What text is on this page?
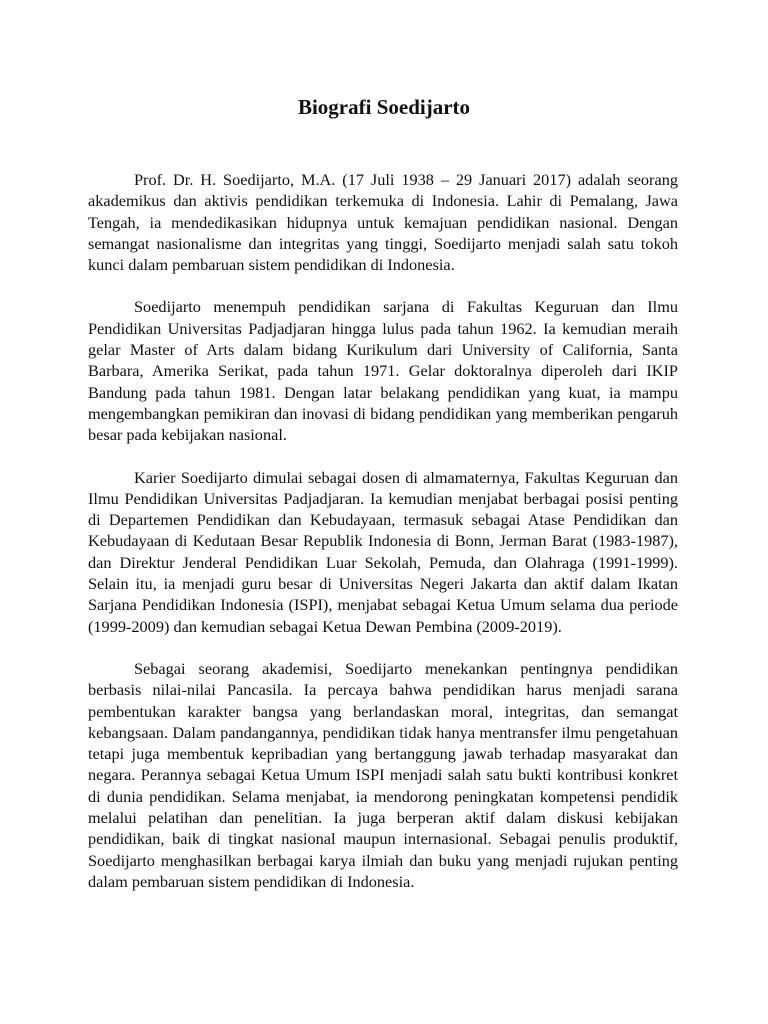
Biografi Soedijarto

Prof. Dr. H. Soedijarto, M.A. (17 Juli 1938 – 29 Januari 2017) adalah seorang akademikus dan aktivis pendidikan terkemuka di Indonesia. Lahir di Pemalang, Jawa Tengah, ia mendedikasikan hidupnya untuk kemajuan pendidikan nasional. Dengan semangat nasionalisme dan integritas yang tinggi, Soedijarto menjadi salah satu tokoh kunci dalam pembaruan sistem pendidikan di Indonesia.

Soedijarto menempuh pendidikan sarjana di Fakultas Keguruan dan Ilmu Pendidikan Universitas Padjadjaran hingga lulus pada tahun 1962. Ia kemudian meraih gelar Master of Arts dalam bidang Kurikulum dari University of California, Santa Barbara, Amerika Serikat, pada tahun 1971. Gelar doktoralnya diperoleh dari IKIP Bandung pada tahun 1981. Dengan latar belakang pendidikan yang kuat, ia mampu mengembangkan pemikiran dan inovasi di bidang pendidikan yang memberikan pengaruh besar pada kebijakan nasional.

Karier Soedijarto dimulai sebagai dosen di almamaternya, Fakultas Keguruan dan Ilmu Pendidikan Universitas Padjadjaran. Ia kemudian menjabat berbagai posisi penting di Departemen Pendidikan dan Kebudayaan, termasuk sebagai Atase Pendidikan dan Kebudayaan di Kedutaan Besar Republik Indonesia di Bonn, Jerman Barat (1983-1987), dan Direktur Jenderal Pendidikan Luar Sekolah, Pemuda, dan Olahraga (1991-1999). Selain itu, ia menjadi guru besar di Universitas Negeri Jakarta dan aktif dalam Ikatan Sarjana Pendidikan Indonesia (ISPI), menjabat sebagai Ketua Umum selama dua periode (1999-2009) dan kemudian sebagai Ketua Dewan Pembina (2009-2019).

Sebagai seorang akademisi, Soedijarto menekankan pentingnya pendidikan berbasis nilai-nilai Pancasila. Ia percaya bahwa pendidikan harus menjadi sarana pembentukan karakter bangsa yang berlandaskan moral, integritas, dan semangat kebangsaan. Dalam pandangannya, pendidikan tidak hanya mentransfer ilmu pengetahuan tetapi juga membentuk kepribadian yang bertanggung jawab terhadap masyarakat dan negara. Perannya sebagai Ketua Umum ISPI menjadi salah satu bukti kontribusi konkret di dunia pendidikan. Selama menjabat, ia mendorong peningkatan kompetensi pendidik melalui pelatihan dan penelitian. Ia juga berperan aktif dalam diskusi kebijakan pendidikan, baik di tingkat nasional maupun internasional. Sebagai penulis produktif, Soedijarto menghasilkan berbagai karya ilmiah dan buku yang menjadi rujukan penting dalam pembaruan sistem pendidikan di Indonesia.
